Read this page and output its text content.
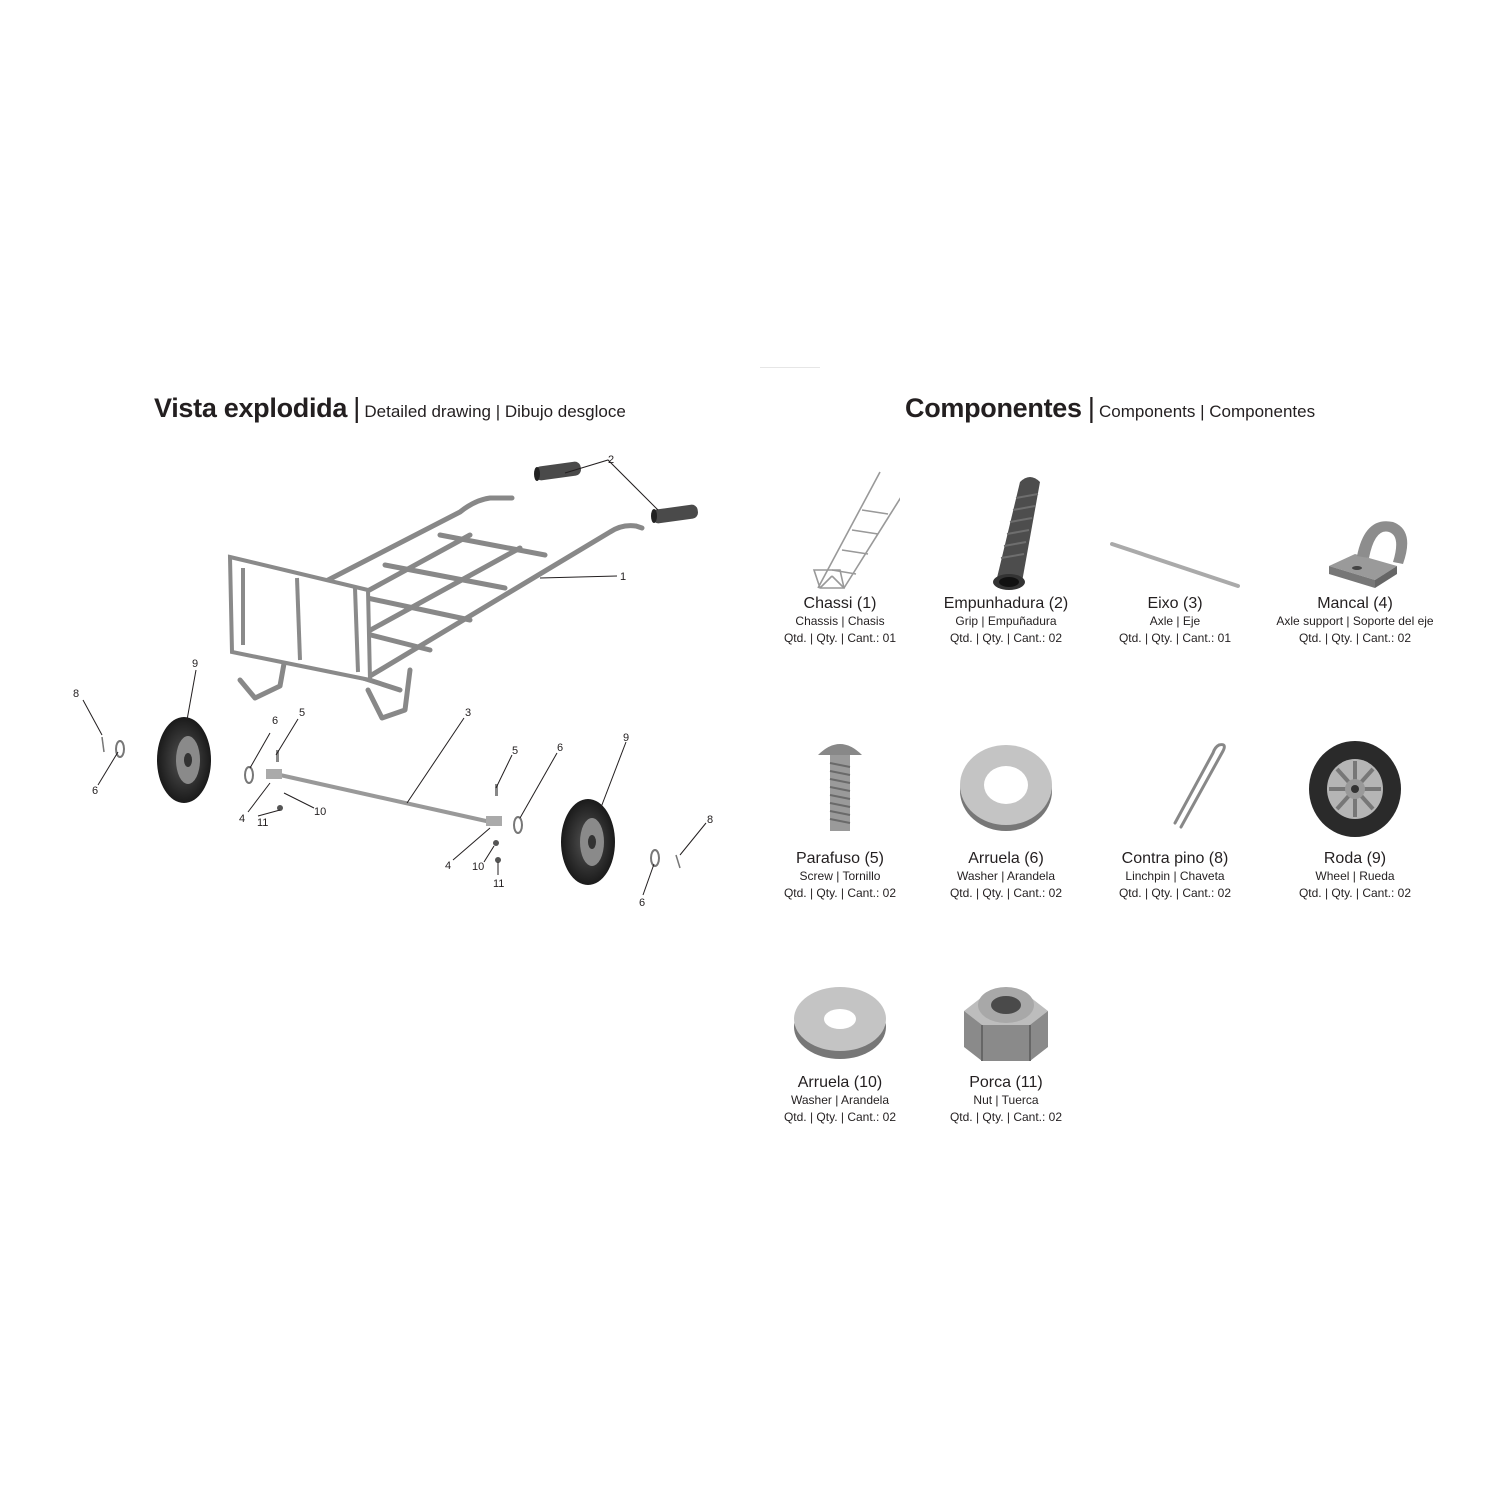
Vista explodida | Detailed drawing | Dibujo desgloce	Componentes | Components | Componentes
1
2
3
4
4
5
5
6
6
6
6
8
8
9
9
10
10
11
11
Chassi (1)
Chassis | Chasis
Qtd. | Qty. | Cant.: 01
Empunhadura (2)
Grip | Empuñadura
Qtd. | Qty. | Cant.: 02
Eixo (3)
Axle | Eje
Qtd. | Qty. | Cant.: 01
Mancal (4)
Axle support | Soporte del eje
Qtd. | Qty. | Cant.: 02
Parafuso (5)
Screw | Tornillo
Qtd. | Qty. | Cant.: 02
Arruela (6)
Washer | Arandela
Qtd. | Qty. | Cant.: 02
Contra pino (8)
Linchpin | Chaveta
Qtd. | Qty. | Cant.: 02
Roda (9)
Wheel | Rueda
Qtd. | Qty. | Cant.: 02
Arruela (10)
Washer | Arandela
Qtd. | Qty. | Cant.: 02
Porca (11)
Nut | Tuerca
Qtd. | Qty. | Cant.: 02
